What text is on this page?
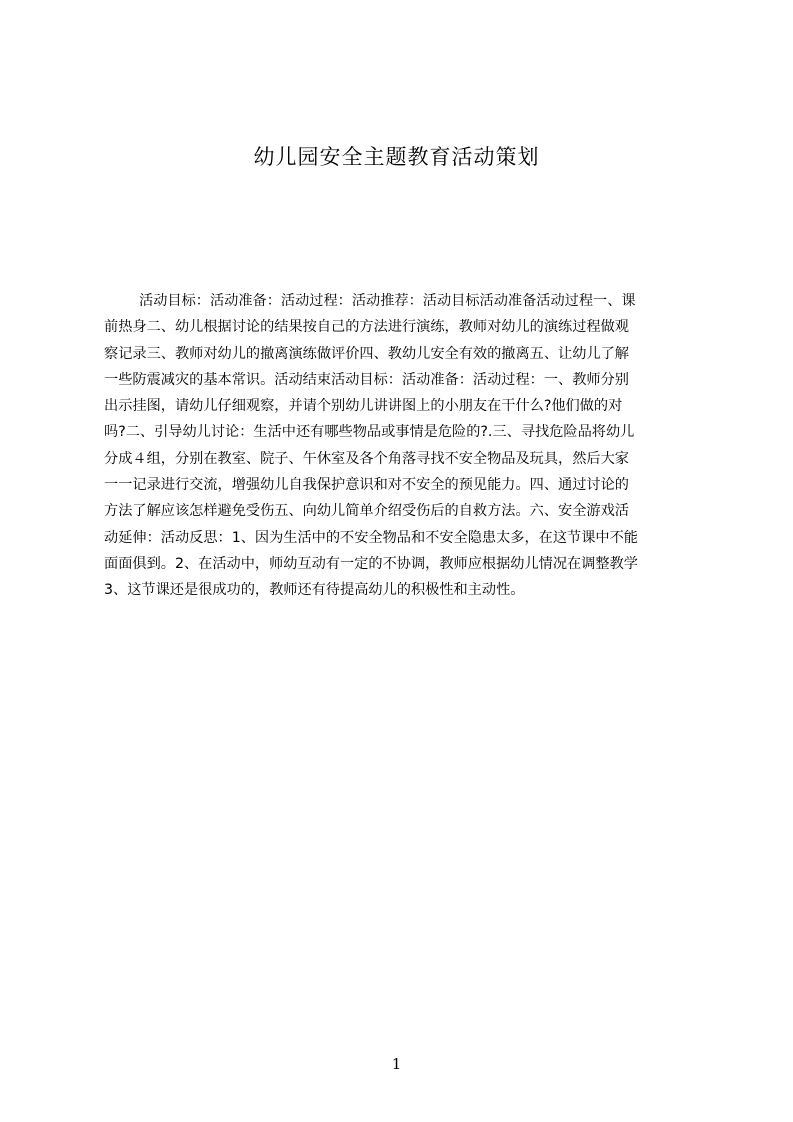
幼儿园安全主题教育活动策划
活动目标：活动准备：活动过程：活动推荐：活动目标活动准备活动过程一、课
前热身二、幼儿根据讨论的结果按自己的方法进行演练，教师对幼儿的演练过程做观
察记录三、教师对幼儿的撤离演练做评价四、教幼儿安全有效的撤离五、让幼儿了解
一些防震减灾的基本常识。活动结束活动目标：活动准备：活动过程：一、教师分别
出示挂图，请幼儿仔细观察，并请个别幼儿讲讲图上的小朋友在干什么?他们做的对
吗?二、引导幼儿讨论：生活中还有哪些物品或事情是危险的?.三、寻找危险品将幼儿
分成４组，分别在教室、院子、午休室及各个角落寻找不安全物品及玩具，然后大家
一一记录进行交流，增强幼儿自我保护意识和对不安全的预见能力。四、通过讨论的
方法了解应该怎样避免受伤五、向幼儿简单介绍受伤后的自救方法。六、安全游戏活
动延伸：活动反思：1、因为生活中的不安全物品和不安全隐患太多，在这节课中不能
面面俱到。2、在活动中，师幼互动有一定的不协调，教师应根据幼儿情况在调整教学
3、这节课还是很成功的，教师还有待提高幼儿的积极性和主动性。
1
